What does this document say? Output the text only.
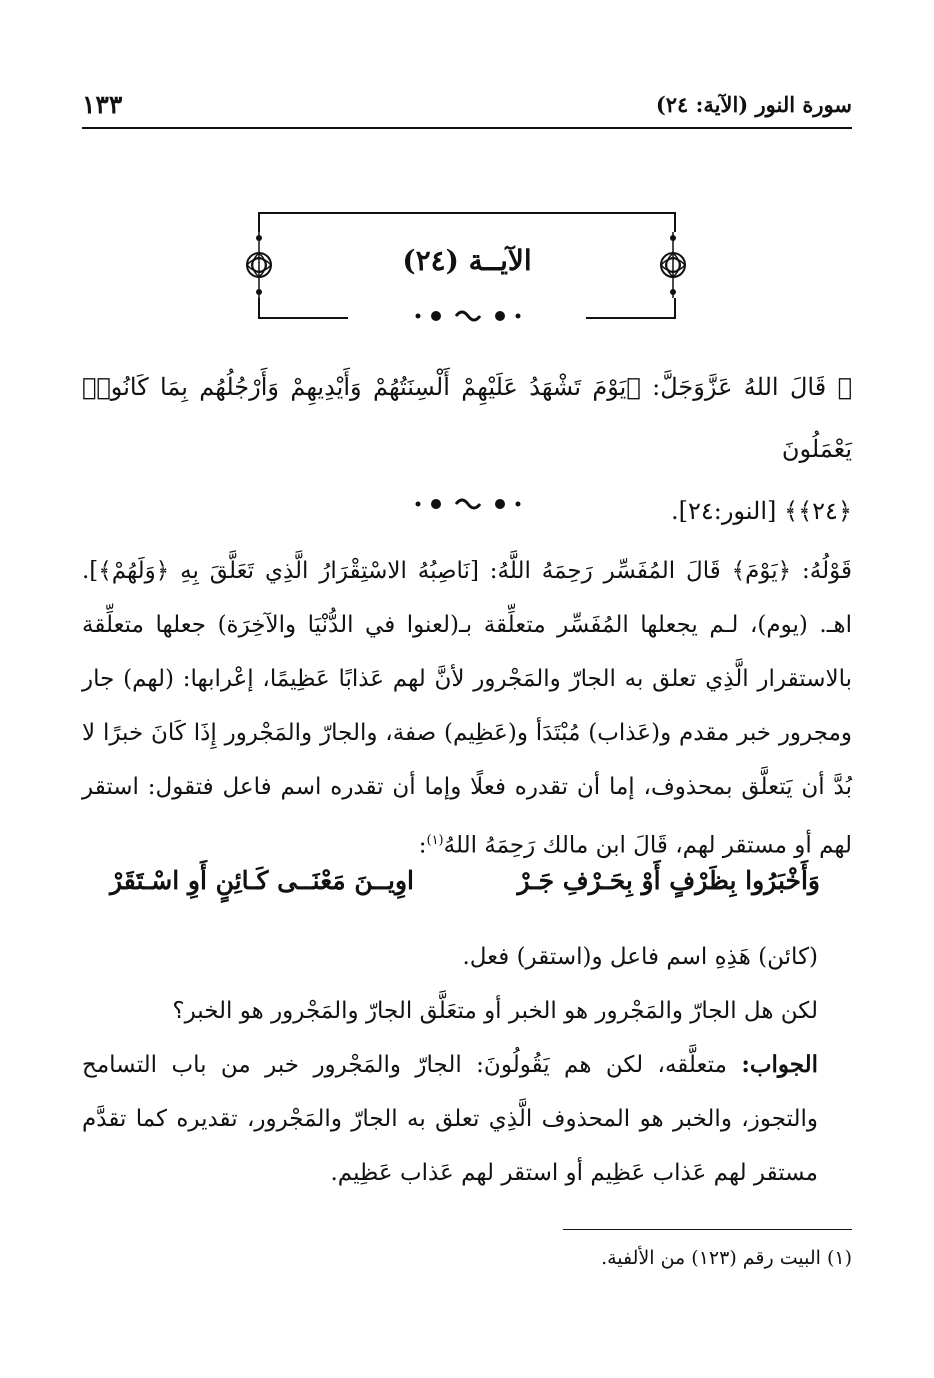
سورة النور (الآية: ٢٤)
١٣٣
الآيــة (٢٤)
۞ قَالَ اللهُ عَزَّوَجَلَّ: ﴿يَوْمَ تَشْهَدُ عَلَيْهِمْ أَلْسِنَتُهُمْ وَأَيْدِيهِمْ وَأَرْجُلُهُم بِمَا كَانُوا۟ يَعْمَلُونَ
﴿٢٤﴾﴾ [النور:٢٤].
قَوْلُهُ: ﴿يَوْمَ﴾ قَالَ المُفَسِّر رَحِمَهُ اللَّهُ: [نَاصِبُهُ الاسْتِقْرَارُ الَّذِي تَعَلَّقَ بِهِ ﴿وَلَهُمْ﴾]. اهـ. (يوم)، لـم يجعلها المُفَسِّر متعلِّقة بـ(لعنوا في الدُّنْيَا والآخِرَة) جعلها متعلِّقة بالاستقرار الَّذِي تعلق به الجارّ والمَجْرور لأنَّ لهم عَذابًا عَظِيمًا، إعْرابها: (لهم) جار ومجرور خبر مقدم و(عَذاب) مُبْتَدَأ و(عَظِيم) صفة، والجارّ والمَجْرور إِذَا كَانَ خبرًا لا بُدَّ أن يَتعلَّق بمحذوف، إما أن تقدره فعلًا وإما أن تقدره اسم فاعل فتقول: استقر لهم أو مستقر لهم، قَالَ ابن مالك رَحِمَهُ اللهُ$^{(١)}$:
وَأَخْبَرُوا بِظَرْفٍ أَوْ بِحَـرْفِ جَـرْ
اوِيــنَ مَعْنَــى كَـائِنٍ أَوِ اسْـتَقَرْ
(كائن) هَذِهِ اسم فاعل و(استقر) فعل.
لكن هل الجارّ والمَجْرور هو الخبر أو متعَلَّق الجارّ والمَجْرور هو الخبر؟
الجواب: متعلَّقه، لكن هم يَقُولُونَ: الجارّ والمَجْرور خبر من باب التسامح والتجوز، والخبر هو المحذوف الَّذِي تعلق به الجارّ والمَجْرور، تقديره كما تقدَّم مستقر لهم عَذاب عَظِيم أو استقر لهم عَذاب عَظِيم.
(١) البيت رقم (١٢٣) من الألفية.
